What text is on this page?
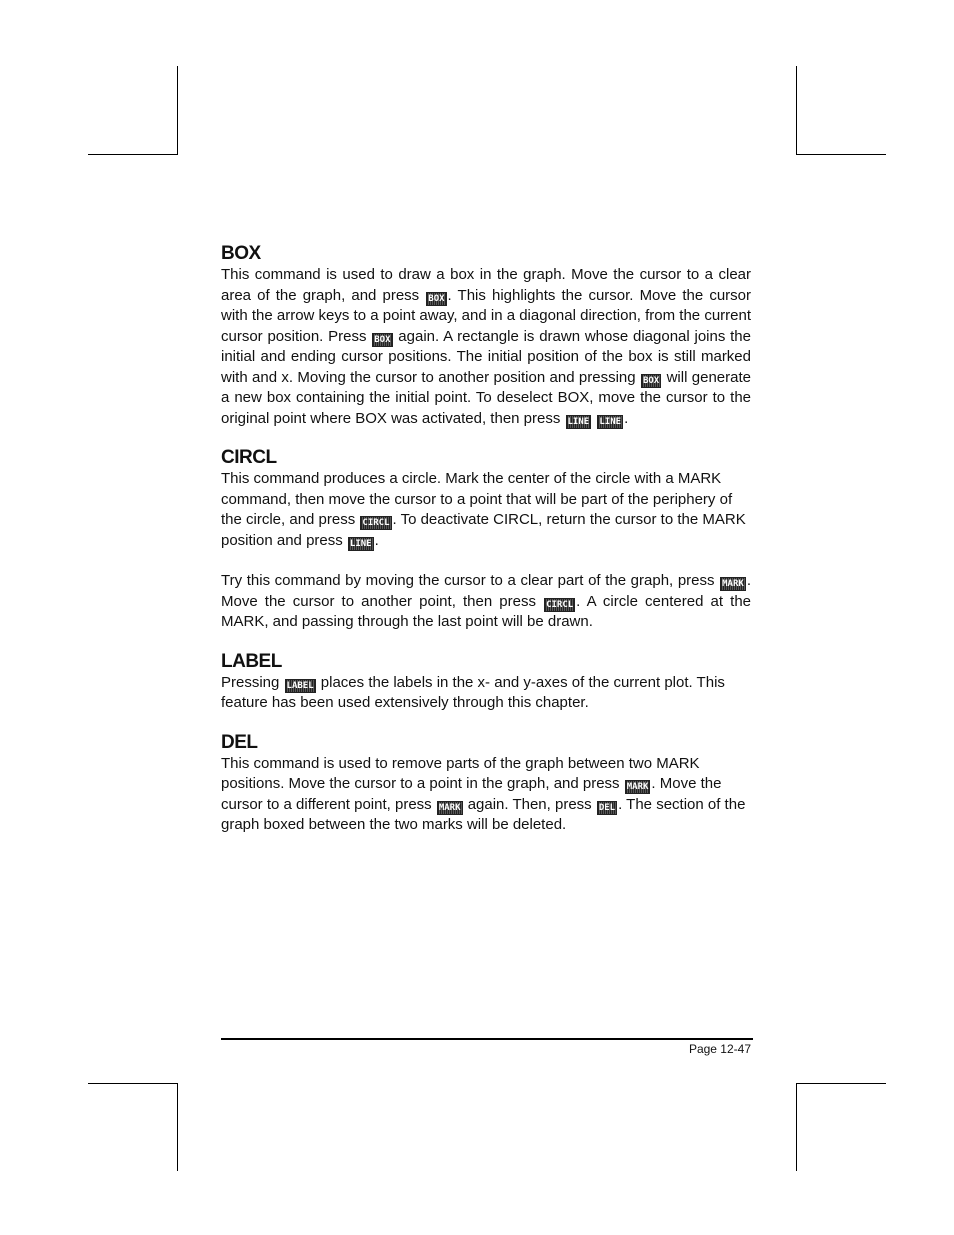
BOX

This command is used to draw a box in the graph. Move the cursor to a clear area of the graph, and press BOX . This highlights the cursor. Move the cursor with the arrow keys to a point away, and in a diagonal direction, from the current cursor position. Press BOX again. A rectangle is drawn whose diagonal joins the initial and ending cursor positions. The initial position of the box is still marked with and x. Moving the cursor to another position and pressing BOX will generate a new box containing the initial point. To deselect BOX, move the cursor to the original point where BOX was activated, then press LINE LINE .

CIRCL

This command produces a circle. Mark the center of the circle with a MARK command, then move the cursor to a point that will be part of the periphery of the circle, and press CIRCL . To deactivate CIRCL, return the cursor to the MARK position and press LINE .

Try this command by moving the cursor to a clear part of the graph, press MARK . Move the cursor to another point, then press CIRCL . A circle centered at the MARK, and passing through the last point will be drawn.

LABEL

Pressing LABEL places the labels in the x- and y-axes of the current plot. This feature has been used extensively through this chapter.

DEL

This command is used to remove parts of the graph between two MARK positions. Move the cursor to a point in the graph, and press MARK . Move the cursor to a different point, press MARK again. Then, press DEL . The section of the graph boxed between the two marks will be deleted.

Page 12-47
